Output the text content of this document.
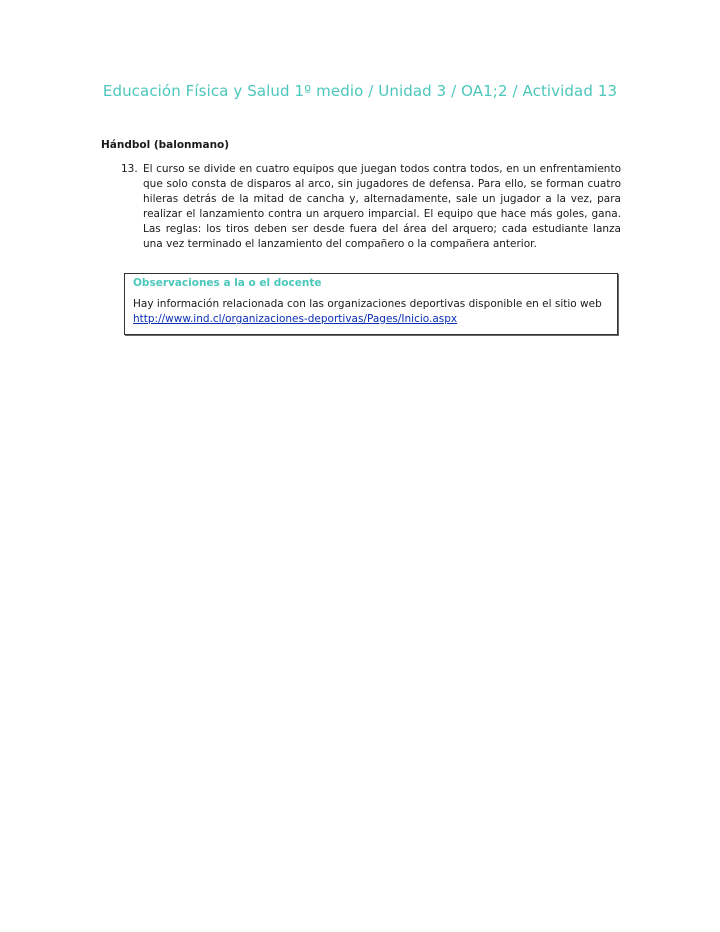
Educación Física y Salud 1º medio / Unidad 3 / OA1;2 / Actividad 13
Hándbol (balonmano)
13. El curso se divide en cuatro equipos que juegan todos contra todos, en un enfrentamiento que solo consta de disparos al arco, sin jugadores de defensa. Para ello, se forman cuatro hileras detrás de la mitad de cancha y, alternadamente, sale un jugador a la vez, para realizar el lanzamiento contra un arquero imparcial. El equipo que hace más goles, gana. Las reglas: los tiros deben ser desde fuera del área del arquero; cada estudiante lanza una vez terminado el lanzamiento del compañero o la compañera anterior.
Observaciones a la o el docente
Hay información relacionada con las organizaciones deportivas disponible en el sitio web
http://www.ind.cl/organizaciones-deportivas/Pages/Inicio.aspx
